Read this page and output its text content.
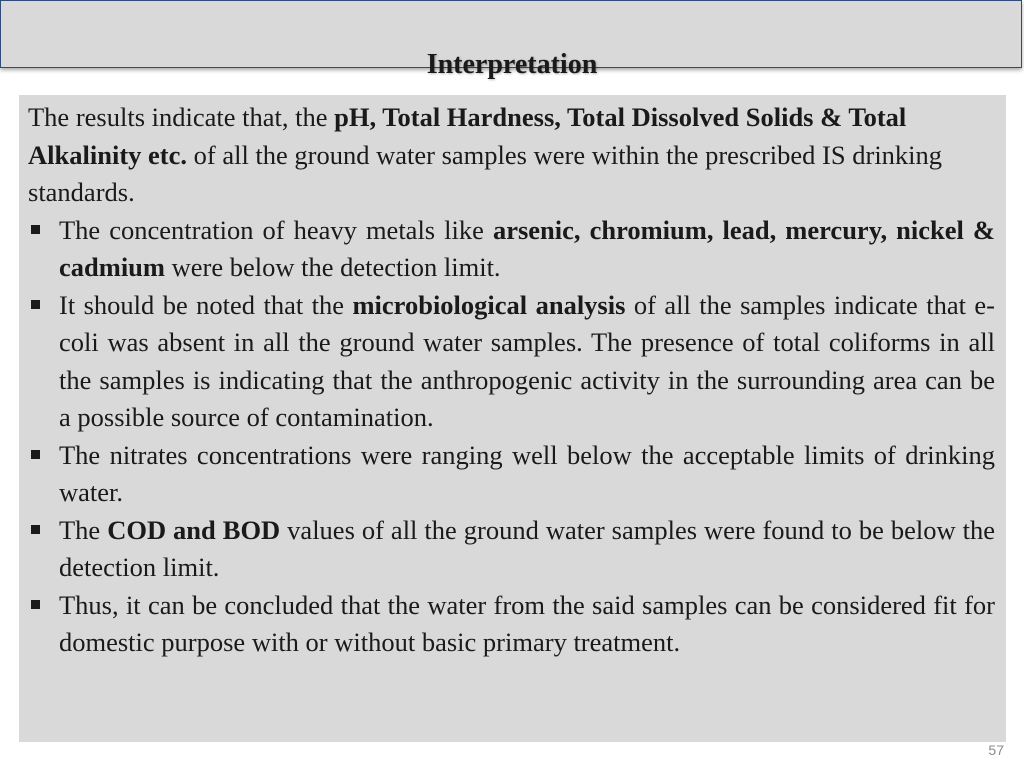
Interpretation

The results indicate that, the pH, Total Hardness, Total Dissolved Solids & Total Alkalinity etc. of all the ground water samples were within the prescribed IS drinking standards.

The concentration of heavy metals like arsenic, chromium, lead, mercury, nickel & cadmium were below the detection limit.
It should be noted that the microbiological analysis of all the samples indicate that e-coli was absent in all the ground water samples. The presence of total coliforms in all the samples is indicating that the anthropogenic activity in the surrounding area can be a possible source of contamination.
The nitrates concentrations were ranging well below the acceptable limits of drinking water.
The COD and BOD values of all the ground water samples were found to be below the detection limit.
Thus, it can be concluded that the water from the said samples can be considered fit for domestic purpose with or without basic primary treatment.
57
